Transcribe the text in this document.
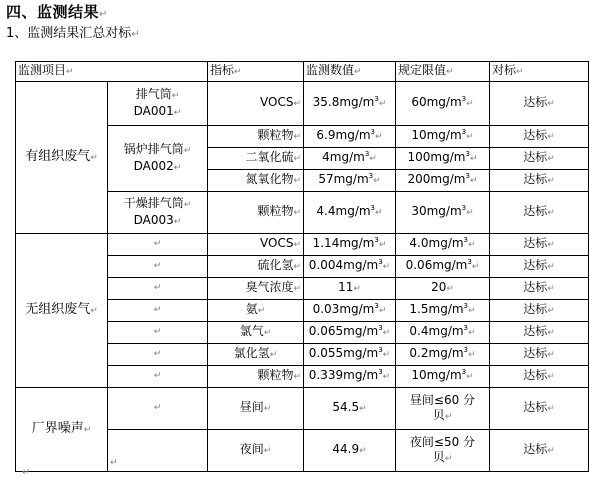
四、监测结果↵
1、监测结果汇总对标↵
监测项目↵		指标↵	监测数值↵	规定限值↵	对标↵
有组织废气↵	排气筒↵
DA001↵	VOCS↵	$35.8mg/m^3↵$	$60mg/m^3↵$	达标↵
	锅炉排气筒↵
DA002↵	颗粒物↵	$6.9mg/m^3↵$	$10mg/m^3↵$	达标↵
		二氧化硫↵	$4mg/m^3↵$	$100mg/m^3↵$	达标↵
		氮氧化物↵	$57mg/m^3↵$	$200mg/m^3↵$	达标↵
	干燥排气筒↵
DA003↵	颗粒物↵	$4.4mg/m^3↵$	$30mg/m^3↵$	达标↵
无组织废气↵	↵	VOCS↵	$1.14mg/m^3↵$	$4.0mg/m^3↵$	达标↵
	↵	硫化氢↵	$0.004mg/m^3↵$	$0.06mg/m^3↵$	达标↵
	↵	臭气浓度↵	11↵	20↵	达标↵
	↵	氨↵	$0.03mg/m^3↵$	$1.5mg/m^3↵$	达标↵
	↵	氯气↵	$0.065mg/m^3↵$	$0.4mg/m^3↵$	达标↵
	↵	氯化氢↵	$0.055mg/m^3↵$	$0.2mg/m^3↵$	达标↵
	↵	颗粒物↵	$0.339mg/m^3↵$	$10mg/m^3↵$	达标↵
厂界噪声↵	↵	昼间↵	54.5↵	昼间≤60 分
贝↵	达标↵
	↵	夜间↵	44.9↵	夜间≤50 分
贝↵	达标↵
↵
